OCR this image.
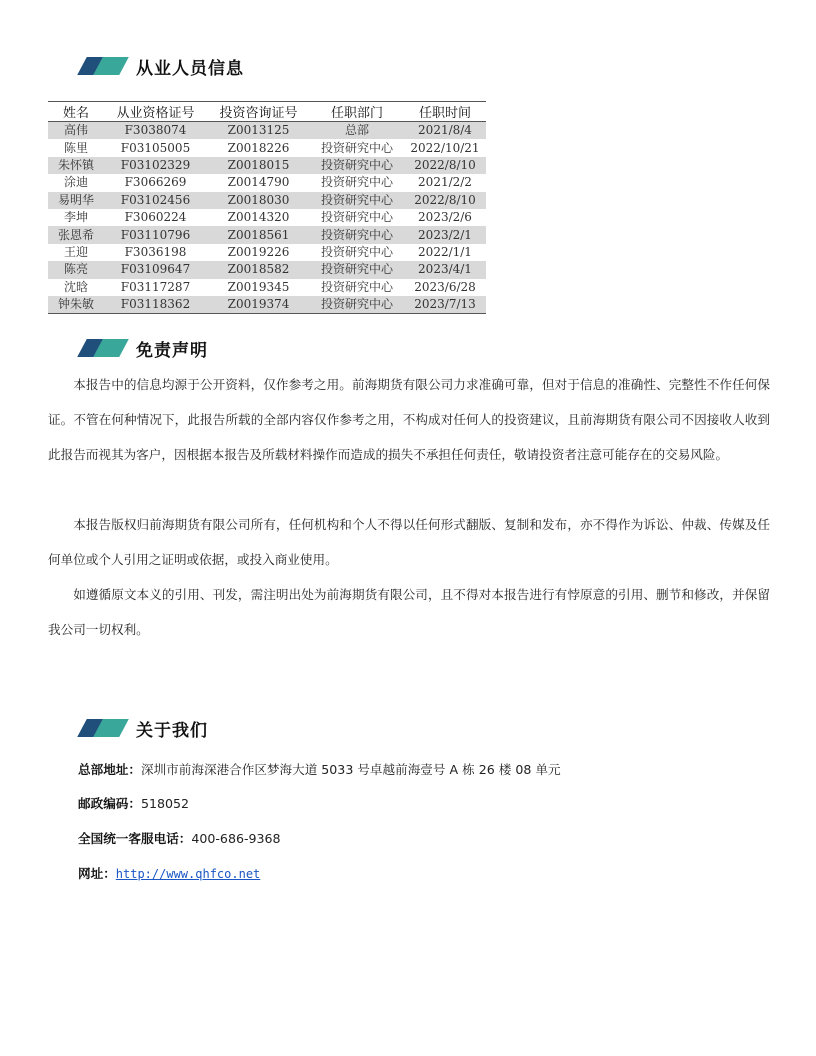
从业人员信息
姓名	从业资格证号	投资咨询证号	任职部门	任职时间
高伟	F3038074	Z0013125	总部	2021/8/4
陈里	F03105005	Z0018226	投资研究中心	2022/10/21
朱怀镇	F03102329	Z0018015	投资研究中心	2022/8/10
涂迪	F3066269	Z0014790	投资研究中心	2021/2/2
易明华	F03102456	Z0018030	投资研究中心	2022/8/10
李坤	F3060224	Z0014320	投资研究中心	2023/2/6
张恩希	F03110796	Z0018561	投资研究中心	2023/2/1
王迎	F3036198	Z0019226	投资研究中心	2022/1/1
陈亮	F03109647	Z0018582	投资研究中心	2023/4/1
沈晗	F03117287	Z0019345	投资研究中心	2023/6/28
钟朱敏	F03118362	Z0019374	投资研究中心	2023/7/13
免责声明

本报告中的信息均源于公开资料，仅作参考之用。前海期货有限公司力求准确可靠，但对于信息的准确性、完整性不作任何保证。不管在何种情况下，此报告所载的全部内容仅作参考之用，不构成对任何人的投资建议，且前海期货有限公司不因接收人收到此报告而视其为客户，因根据本报告及所载材料操作而造成的损失不承担任何责任，敬请投资者注意可能存在的交易风险。

本报告版权归前海期货有限公司所有，任何机构和个人不得以任何形式翻版、复制和发布，亦不得作为诉讼、仲裁、传媒及任何单位或个人引用之证明或依据，或投入商业使用。

如遵循原文本义的引用、刊发，需注明出处为前海期货有限公司，且不得对本报告进行有悖原意的引用、删节和修改，并保留我公司一切权利。

关于我们
总部地址：深圳市前海深港合作区梦海大道 5033 号卓越前海壹号 A 栋 26 楼 08 单元
邮政编码：518052
全国统一客服电话：400-686-9368
网址：http://www.qhfco.net
